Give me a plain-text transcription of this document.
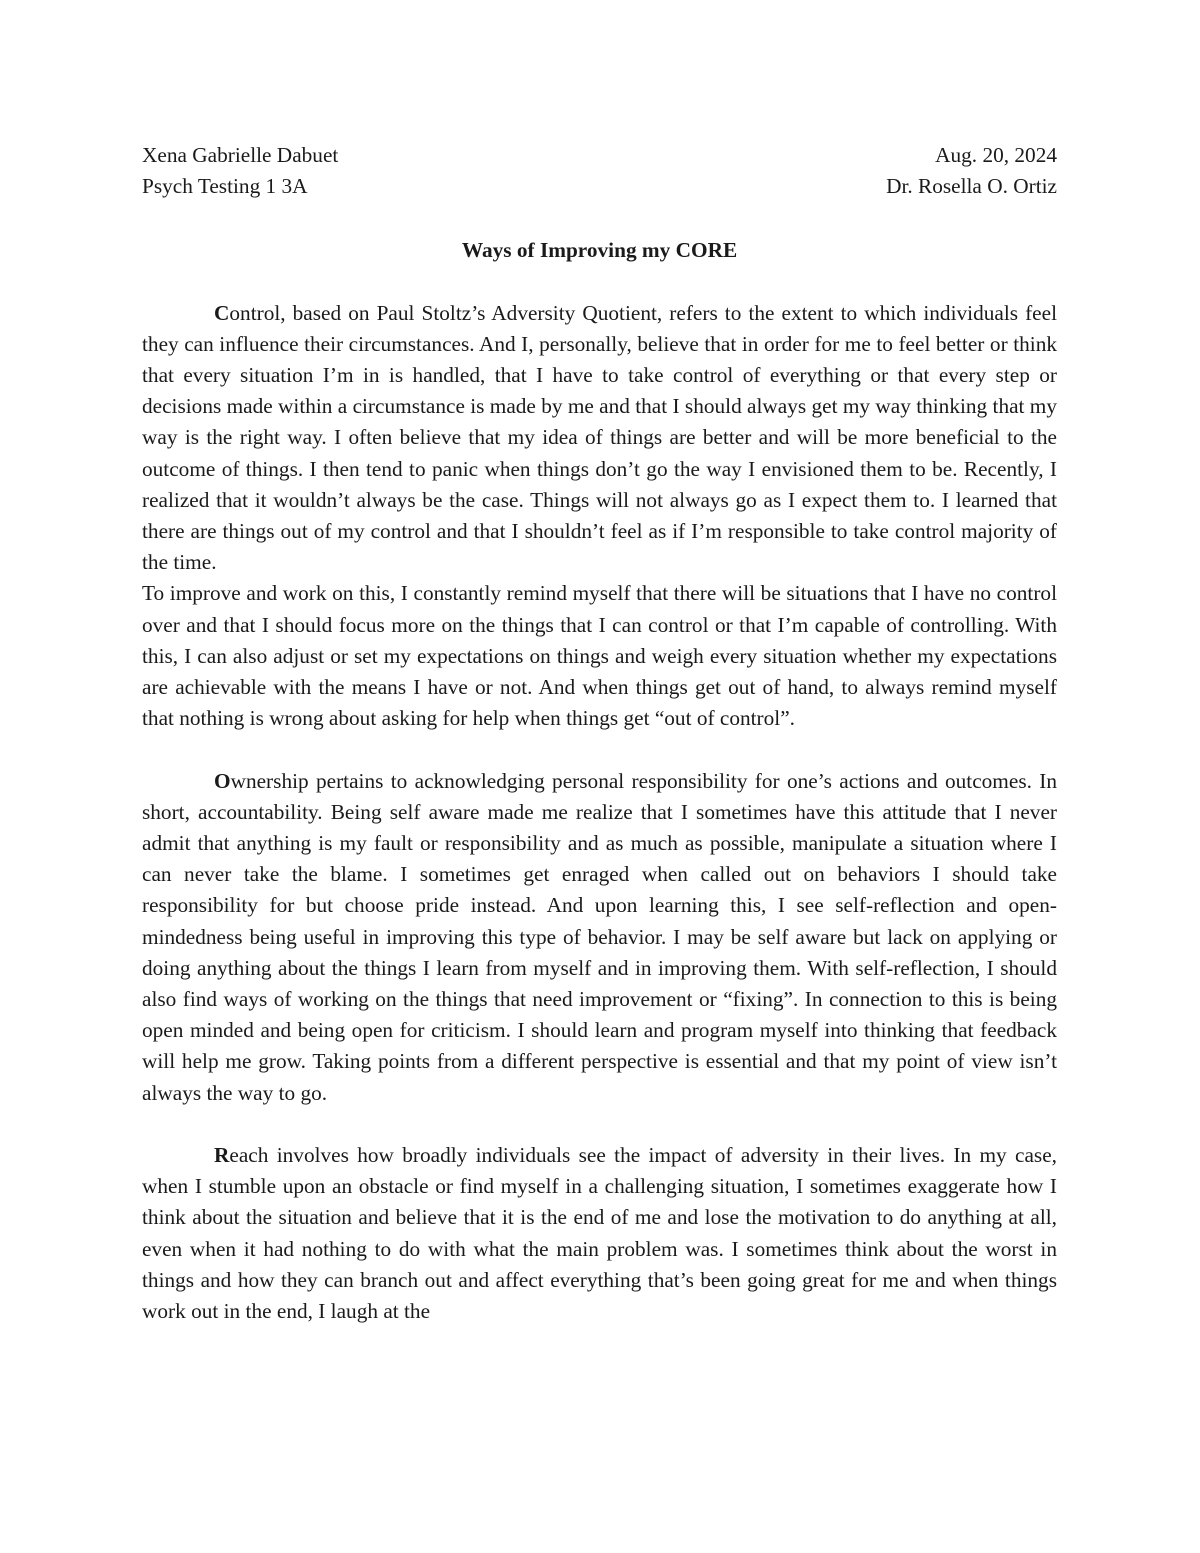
Xena Gabrielle Dabuet	Aug. 20, 2024
Psych Testing 1 3A	Dr. Rosella O. Ortiz
Ways of Improving my CORE

Control, based on Paul Stoltz’s Adversity Quotient, refers to the extent to which individuals feel they can influence their circumstances. And I, personally, believe that in order for me to feel better or think that every situation I’m in is handled, that I have to take control of everything or that every step or decisions made within a circumstance is made by me and that I should always get my way thinking that my way is the right way. I often believe that my idea of things are better and will be more beneficial to the outcome of things. I then tend to panic when things don’t go the way I envisioned them to be. Recently, I realized that it wouldn’t always be the case. Things will not always go as I expect them to. I learned that there are things out of my control and that I shouldn’t feel as if I’m responsible to take control majority of the time.

To improve and work on this, I constantly remind myself that there will be situations that I have no control over and that I should focus more on the things that I can control or that I’m capable of controlling. With this, I can also adjust or set my expectations on things and weigh every situation whether my expectations are achievable with the means I have or not. And when things get out of hand, to always remind myself that nothing is wrong about asking for help when things get “out of control”.

Ownership pertains to acknowledging personal responsibility for one’s actions and outcomes. In short, accountability. Being self aware made me realize that I sometimes have this attitude that I never admit that anything is my fault or responsibility and as much as possible, manipulate a situation where I can never take the blame. I sometimes get enraged when called out on behaviors I should take responsibility for but choose pride instead. And upon learning this, I see self-reflection and open-mindedness being useful in improving this type of behavior. I may be self aware but lack on applying or doing anything about the things I learn from myself and in improving them. With self-reflection, I should also find ways of working on the things that need improvement or “fixing”. In connection to this is being open minded and being open for criticism. I should learn and program myself into thinking that feedback will help me grow. Taking points from a different perspective is essential and that my point of view isn’t always the way to go.

Reach involves how broadly individuals see the impact of adversity in their lives. In my case, when I stumble upon an obstacle or find myself in a challenging situation, I sometimes exaggerate how I think about the situation and believe that it is the end of me and lose the motivation to do anything at all, even when it had nothing to do with what the main problem was. I sometimes think about the worst in things and how they can branch out and affect everything that’s been going great for me and when things work out in the end, I laugh at the
